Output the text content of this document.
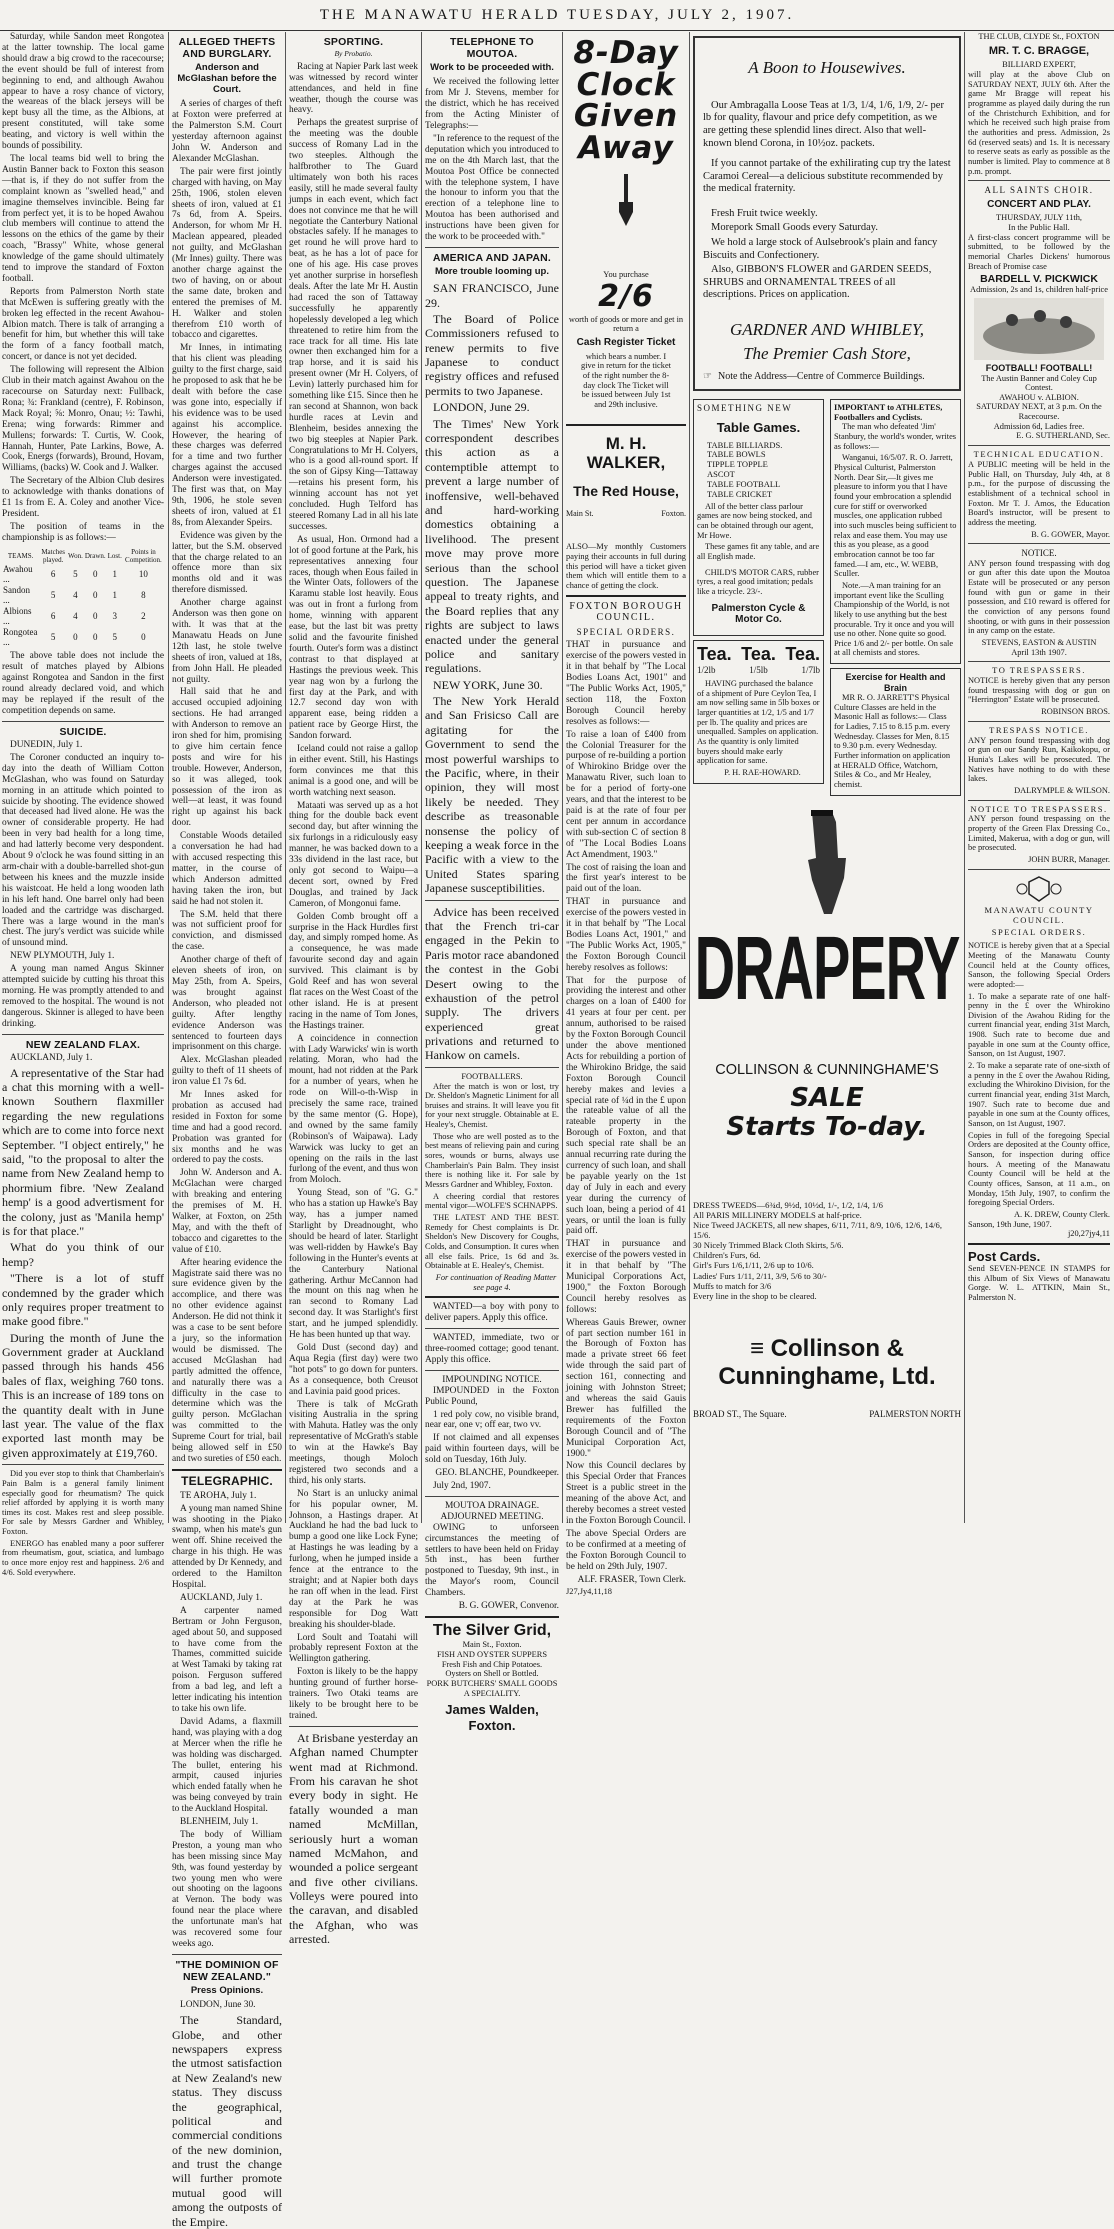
THE MANAWATU HERALD TUESDAY, JULY 2, 1907.

Saturday, while Sandon meet Rongotea at the latter township. The local game should draw a big crowd to the racecourse; the event should be full of interest from beginning to end, and although Awahou appear to have a rosy chance of victory, the weareas of the black jerseys will be kept busy all the time, as the Albions, at present constituted, will take some beating, and victory is well within the bounds of possibility.

The local teams bid well to bring the Austin Banner back to Foxton this season—that is, if they do not suffer from the complaint known as "swelled head," and imagine themselves invincible. Being far from perfect yet, it is to be hoped Awahou club members will continue to attend the lessons on the ethics of the game by their coach, "Brassy" White, whose general knowledge of the game should ultimately tend to improve the standard of Foxton football.

Reports from Palmerston North state that McEwen is suffering greatly with the broken leg effected in the recent Awahou-Albion match. There is talk of arranging a benefit for him, but whether this will take the form of a fancy football match, concert, or dance is not yet decided.

The following will represent the Albion Club in their match against Awahou on the racecourse on Saturday next: Fullback, Rona; ¾: Frankland (centre), F. Robinson, Mack Royal; ⅝: Monro, Onau; ½: Tawhi, Erena; wing forwards: Rimmer and Mullens; forwards: T. Curtis, W. Cook, Hannah, Hunter, Pate Larkins, Bowe, A. Cook, Energs (forwards), Bround, Hovam, Williams, (backs) W. Cook and J. Walker.

The Secretary of the Albion Club desires to acknowledge with thanks donations of £1 1s from E. A. Coley and another Vice-President.

The position of teams in the championship is as follows:—

TEAMS.	Matches played.	Won.	Drawn.	Lost.	Points in Competition.
Awahou ...	6	5	0	1	10
Sandon ...	5	4	0	1	8
Albions ...	6	4	0	3	2
Rongotea ...	5	0	0	5	0

The above table does not include the result of matches played by Albions against Rongotea and Sandon in the first round already declared void, and which may be replayed if the result of the competition depends on same.

SUICIDE.

DUNEDIN, July 1.

The Coroner conducted an inquiry to-day into the death of William Cotton McGlashan, who was found on Saturday morning in an attitude which pointed to suicide by shooting. The evidence showed that deceased had lived alone. He was the owner of considerable property. He had been in very bad health for a long time, and had latterly become very despondent. About 9 o'clock he was found sitting in an arm-chair with a double-barrelled shot-gun between his knees and the muzzle inside his waistcoat. He held a long wooden lath in his left hand. One barrel only had been loaded and the cartridge was discharged. There was a large wound in the man's chest. The jury's verdict was suicide while of unsound mind.

NEW PLYMOUTH, July 1.

A young man named Angus Skinner attempted suicide by cutting his throat this morning. He was promptly attended to and removed to the hospital. The wound is not dangerous. Skinner is alleged to have been drinking.

NEW ZEALAND FLAX.

AUCKLAND, July 1.

A representative of the Star had a chat this morning with a well-known Southern flaxmiller regarding the new regulations which are to come into force next September. "I object entirely," he said, "to the proposal to alter the name from New Zealand hemp to phormium fibre. 'New Zealand hemp' is a good advertisment for the colony, just as 'Manila hemp' is for that place."

What do you think of our hemp?

"There is a lot of stuff condemned by the grader which only requires proper treatment to make good fibre."

During the month of June the Government grader at Auckland passed through his hands 456 bales of flax, weighing 760 tons. This is an increase of 189 tons on the quantity dealt with in June last year. The value of the flax exported last month may be given approximately at £19,760.

Did you ever stop to think that Chamberlain's Pain Balm is a general family liniment especially good for rheumatism? The quick relief afforded by applying it is worth many times its cost. Makes rest and sleep possible. For sale by Messrs Gardner and Whibley, Foxton.

ENERGO has enabled many a poor sufferer from rheumatism, gout, sciatica, and lumbago to once more enjoy rest and happiness. 2/6 and 4/6. Sold everywhere.

ALLEGED THEFTS AND BURGLARY.
Anderson and McGlashan before the Court.

A series of charges of theft at Foxton were preferred at the Palmerston S.M. Court yesterday afternoon against John W. Anderson and Alexander McGlashan.

The pair were first jointly charged with having, on May 25th, 1906, stolen eleven sheets of iron, valued at £1 7s 6d, from A. Speirs. Anderson, for whom Mr H. Maclean appeared, pleaded not guilty, and McGlashan (Mr Innes) guilty. There was another charge against the two of having, on or about the same date, broken and entered the premises of M. H. Walker and stolen therefrom £10 worth of tobacco and cigarettes.

Mr Innes, in intimating that his client was pleading guilty to the first charge, said he proposed to ask that he be dealt with before the case was gone into, especially if his evidence was to be used against his accomplice. However, the hearing of these charges was deferred for a time and two further charges against the accused Anderson were investigated. The first was that, on May 9th, 1906, he stole seven sheets of iron, valued at £1 8s, from Alexander Speirs.

Evidence was given by the latter, but the S.M. observed that the charge related to an offence more than six months old and it was therefore dismissed.

Another charge against Anderson was then gone on with. It was that at the Manawatu Heads on June 12th last, he stole twelve sheets of iron, valued at 18s, from John Hall. He pleaded not guilty.

Hall said that he and accused occupied adjoining sections. He had arranged with Anderson to remove an iron shed for him, promising to give him certain fence posts and wire for his trouble. However, Anderson, so it was alleged, took possession of the iron as well—at least, it was found right up against his back door.

Constable Woods detailed a conversation he had had with accused respecting this matter, in the course of which Anderson admitted having taken the iron, but said he had not stolen it.

The S.M. held that there was not sufficient proof for conviction, and dismissed the case.

Another charge of theft of eleven sheets of iron, on May 25th, from A. Speirs, was brought against Anderson, who pleaded not guilty. After lengthy evidence Anderson was sentenced to fourteen days imprisonment on this charge.

Alex. McGlashan pleaded guilty to theft of 11 sheets of iron value £1 7s 6d.

Mr Innes asked for probation as accused had resided in Foxton for some time and had a good record. Probation was granted for six months and he was ordered to pay the costs.

John W. Anderson and A. McGlachan were charged with breaking and entering the premises of M. H. Walker, at Foxton, on 25th May, and with the theft of tobacco and cigarettes to the value of £10.

After hearing evidence the Magistrate said there was no sure evidence given by the accomplice, and there was no other evidence against Anderson. He did not think it was a case to be sent before a jury, so the information would be dismissed. The accused McGlashan had partly admitted the offence, and naturally there was a difficulty in the case to determine which was the guilty person. McGlachan was committed to the Supreme Court for trial, bail being allowed self in £50 and two sureties of £50 each.

TELEGRAPHIC.

TE AROHA, July 1.

A young man named Shine was shooting in the Piako swamp, when his mate's gun went off. Shine received the charge in his thigh. He was attended by Dr Kennedy, and ordered to the Hamilton Hospital.

AUCKLAND, July 1.

A carpenter named Bertram or John Ferguson, aged about 50, and supposed to have come from the Thames, committed suicide at West Tamaki by taking rat poison. Ferguson suffered from a bad leg, and left a letter indicating his intention to take his own life.

David Adams, a flaxmill hand, was playing with a dog at Mercer when the rifle he was holding was discharged. The bullet, entering his armpit, caused injuries which ended fatally when he was being conveyed by train to the Auckland Hospital.

BLENHEIM, July 1.

The body of William Preston, a young man who has been missing since May 9th, was found yesterday by two young men who were out shooting on the lagoons at Vernon. The body was found near the place where the unfortunate man's hat was recovered some four weeks ago.

"THE DOMINION OF NEW ZEALAND."
Press Opinions.

LONDON, June 30.

The Standard, Globe, and other newspapers express the utmost satisfaction at New Zealand's new status. They discuss the geographical, political and commercial conditions of the new dominion, and trust the change will further promote mutual good will among the outposts of the Empire.

SPORTING.
By Probatio.

Racing at Napier Park last week was witnessed by record winter attendances, and held in fine weather, though the course was heavy.

Perhaps the greatest surprise of the meeting was the double success of Romany Lad in the two steeples. Although the halfbrother to The Guard ultimately won both his races easily, still he made several faulty jumps in each event, which fact does not convince me that he will negotiate the Canterbury National obstacles safely. If he manages to get round he will prove hard to beat, as he has a lot of pace for one of his age. His case proves yet another surprise in horseflesh deals. After the late Mr H. Austin had raced the son of Tattaway successfully he apparently hopelessly developed a leg which threatened to retire him from the race track for all time. His late owner then exchanged him for a trap horse, and it is said his present owner (Mr H. Colyers, of Levin) latterly purchased him for something like £15. Since then he ran second at Shannon, won back hurdle races at Levin and Blenheim, besides annexing the two big steeples at Napier Park. Congratulations to Mr H. Colyers, who is a good all-round sport. If the son of Gipsy King—Tattaway—retains his present form, his winning account has not yet concluded. Hugh Telford has steered Romany Lad in all his late successes.

As usual, Hon. Ormond had a lot of good fortune at the Park, his representatives annexing four races, though when Eous failed in the Winter Oats, followers of the Karamu stable lost heavily. Eous was out in front a furlong from home, winning with apparent ease, but the last bit was pretty solid and the favourite finished fourth. Outer's form was a distinct contrast to that displayed at Hastings the previous week. This year nag won by a furlong the first day at the Park, and with 12.7 second day won with apparent ease, being ridden a patient race by George Hirst, the Sandon forward.

Iceland could not raise a gallop in either event. Still, his Hastings form convinces me that this animal is a good one, and will be worth watching next season.

Mataati was served up as a hot thing for the double back event second day, but after winning the six furlongs in a ridiculously easy manner, he was backed down to a 33s dividend in the last race, but only got second to Waipu—a decent sort, owned by Fred Douglas, and trained by Jack Cameron, of Mongonui fame.

Golden Comb brought off a surprise in the Hack Hurdles first day, and simply romped home. As a consequence, he was made favourite second day and again survived. This claimant is by Gold Reef and has won several flat races on the West Coast of the other island. He is at present racing in the name of Tom Jones, the Hastings trainer.

A coincidence in connection with Lady Warwicks' win is worth relating. Moran, who had the mount, had not ridden at the Park for a number of years, when he rode on Will-o-th-Wisp in precisely the same race, trained by the same mentor (G. Hope), and owned by the same family (Robinson's of Waipawa). Lady Warwick was lucky to get an opening on the rails in the last furlong of the event, and thus won from Moloch.

Young Stead, son of "G. G." who has a station up Hawke's Bay way, has a jumper named Starlight by Dreadnought, who should be heard of later. Starlight was well-ridden by Hawke's Bay following in the Hunter's events at the Canterbury National gathering. Arthur McCannon had the mount on this nag when he ran second to Romany Lad second day. It was Starlight's first start, and he jumped splendidly. He has been hunted up that way.

Gold Dust (second day) and Aqua Regia (first day) were two "hot pots" to go down for punters. As a consequence, both Creusot and Lavinia paid good prices.

There is talk of McGrath visiting Australia in the spring with Mahuta. Hatley was the only representative of McGrath's stable to win at the Hawke's Bay meetings, though Moloch registered two seconds and a third, his only starts.

No Start is an unlucky animal for his popular owner, M. Johnson, a Hastings draper. At Auckland he had the bad luck to bump a good one like Lock Fyne; at Hastings he was leading by a furlong, when he jumped inside a fence at the entrance to the straight; and at Napier both days he ran off when in the lead. First day at the Park he was responsible for Dog Watt breaking his shoulder-blade.

Lord Soult and Toatahi will probably represent Foxton at the Wellington gathering.

Foxton is likely to be the happy hunting ground of further horse-trainers. Two Otaki teams are likely to be brought here to be trained.

At Brisbane yesterday an Afghan named Chumpter went mad at Richmond. From his caravan he shot every body in sight. He fatally wounded a man named McMillan, seriously hurt a woman named McMahon, and wounded a police sergeant and five other civilians. Volleys were poured into the caravan, and disabled the Afghan, who was arrested.

TELEPHONE TO MOUTOA.
Work to be proceeded with.

We received the following letter from Mr J. Stevens, member for the district, which he has received from the Acting Minister of Telegraphs:—

"In reference to the request of the deputation which you introduced to me on the 4th March last, that the Moutoa Post Office be connected with the telephone system, I have the honour to inform you that the erection of a telephone line to Moutoa has been authorised and instructions have been given for the work to be proceeded with."

AMERICA AND JAPAN.
More trouble looming up.

SAN FRANCISCO, June 29.

The Board of Police Commissioners refused to renew permits to five Japanese to conduct registry offices and refused permits to two Japanese.

LONDON, June 29.

The Times' New York correspondent describes this action as a contemptible attempt to prevent a large number of inoffensive, well-behaved and hard-working domestics obtaining a livelihood. The present move may prove more serious than the school question. The Japanese appeal to treaty rights, and the Board replies that any rights are subject to laws enacted under the general police and sanitary regulations.

NEW YORK, June 30.

The New York Herald and San Frisicso Call are agitating for the Government to send the most powerful warships to the Pacific, where, in their opinion, they will most likely be needed. They describe as treasonable nonsense the policy of keeping a weak force in the Pacific with a view to the United States sparing Japanese susceptibilities.

Advice has been received that the French tri-car engaged in the Pekin to Paris motor race abandoned the contest in the Gobi Desert owing to the exhaustion of the petrol supply. The drivers experienced great privations and returned to Hankow on camels.

FOOTBALLERS.

After the match is won or lost, try Dr. Sheldon's Magnetic Liniment for all bruises and strains. It will leave you fit for your next struggle. Obtainable at E. Healey's, Chemist.

Those who are well posted as to the best means of relieving pain and curing sores, wounds or burns, always use Chamberlain's Pain Balm. They insist there is nothing like it. For sale by Messrs Gardner and Whibley, Foxton.

A cheering cordial that restores mental vigor—WOLFE'S SCHNAPPS.

THE LATEST AND THE BEST. Remedy for Chest complaints is Dr. Sheldon's New Discovery for Coughs, Colds, and Consumption. It cures when all else fails. Price, 1s 6d and 3s. Obtainable at E. Healey's, Chemist.

For continuation of Reading Matter see page 4.

WANTED—a boy with pony to deliver papers. Apply this office.

WANTED, immediate, two or three-roomed cottage; good tenant. Apply this office.

IMPOUNDING NOTICE.

IMPOUNDED in the Foxton Public Pound,

1 red poly cow, no visible brand, near ear, one v; off ear, two vv.

If not claimed and all expenses paid within fourteen days, will be sold on Tuesday, 16th July.

GEO. BLANCHE, Poundkeeper.

July 2nd, 1907.

MOUTOA DRAINAGE.
ADJOURNED MEETING.

OWING to unforseen circumstances the meeting of settlers to have been held on Friday 5th inst., has been further postponed to Tuesday, 9th inst., in the Mayor's room, Council Chambers.

B. G. GOWER, Convenor.

The Silver Grid,
Main St., Foxton.
FISH AND OYSTER SUPPERS
Fresh Fish and Chip Potatoes.
Oysters on Shell or Bottled.
PORK BUTCHERS' SMALL GOODS A SPECIALITY.
James Walden, Foxton.
8-Day
Clock
Given
Away
You purchase
2/6
worth of goods or more and get in return a
Cash Register Ticket
which bears a number. I give in return for the ticket of the right number the 8-day clock The Ticket will be issued between July 1st and 29th inclusive.
M. H. WALKER,
The Red House,
Main St.	Foxton.

ALSO—My monthly Customers paying their accounts in full during this period will have a ticket given them which will entitle them to a chance of getting the clock.

FOXTON BOROUGH COUNCIL.
SPECIAL ORDERS.

THAT in pursuance and exercise of the powers vested in it in that behalf by "The Local Bodies Loans Act, 1901" and "The Public Works Act, 1905," section 118, the Foxton Borough Council hereby resolves as follows:—

To raise a loan of £400 from the Colonial Treasurer for the purpose of re-building a portion of Whirokino Bridge over the Manawatu River, such loan to be for a period of forty-one years, and that the interest to be paid is at the rate of four per cent per annum in accordance with sub-section C of section 8 of "The Local Bodies Loans Act Amendment, 1903."

The cost of raising the loan and the first year's interest to be paid out of the loan.

THAT in pursuance and exercise of the powers vested in it in that behalf by "The Local Bodies Loans Act, 1901," and "The Public Works Act, 1905," the Foxton Borough Council hereby resolves as follows:

That for the purpose of providing the interest and other charges on a loan of £400 for 41 years at four per cent. per annum, authorised to be raised by the Foxton Borough Council under the above mentioned Acts for rebuilding a portion of the Whirokino Bridge, the said Foxton Borough Council hereby makes and levies a special rate of ¼d in the £ upon the rateable value of all the rateable property in the Borough of Foxton, and that such special rate shall be an annual recurring rate during the currency of such loan, and shall be payable yearly on the 1st day of July in each and every year during the currency of such loan, being a period of 41 years, or until the loan is fully paid off.

THAT in pursuance and exercise of the powers vested in it in that behalf by "The Municipal Corporations Act, 1900," the Foxton Borough Council hereby resolves as follows:

Whereas Gauis Brewer, owner of part section number 161 in the Borough of Foxton has made a private street 66 feet wide through the said part of section 161, connecting and joining with Johnston Street; and whereas the said Gauis Brewer has fulfilled the requirements of the Foxton Borough Council and of "The Municipal Corporation Act, 1900."

Now this Council declares by this Special Order that Frances Street is a public street in the meaning of the above Act, and thereby becomes a street vested in the Foxton Borough Council.

The above Special Orders are to be confirmed at a meeting of the Foxton Borough Council to be held on 29th July, 1907.

ALF. FRASER, Town Clerk.

J27,Jy4,11,18

A Boon to Housewives.

Our Ambragalla Loose Teas at 1/3, 1/4, 1/6, 1/9, 2/- per lb for quality, flavour and price defy competition, as we are getting these splendid lines direct. Also that well-known blend Corona, in 10½oz. packets.

If you cannot partake of the exhilirating cup try the latest Caramoi Cereal—a delicious substitute recommended by the medical fraternity.

Fresh Fruit twice weekly.

Morepork Small Goods every Saturday.

We hold a large stock of Aulsebrook's plain and fancy Biscuits and Confectionery.

Also, GIBBON'S FLOWER and GARDEN SEEDS, SHRUBS and ORNAMENTAL TREES of all descriptions. Prices on application.

GARDNER AND WHIBLEY,
The Premier Cash Store,
☞ Note the Address—Centre of Commerce Buildings.
SOMETHING NEW
Table Games.
TABLE BILLIARDS.
TABLE BOWLS
TIPPLE TOPPLE
ASCOT
TABLE FOOTBALL
TABLE CRICKET

All of the better class parlour games are now being stocked, and can be obtained through our agent, Mr Howe.

These games fit any table, and are all English made.

CHILD'S MOTOR CARS, rubber tyres, a real good imitation; pedals like a tricycle. 23/-.

Palmerston Cycle & Motor Co.
Tea. Tea. Tea.
1/2lb	1/5lb	1/7lb

HAVING purchased the balance of a shipment of Pure Ceylon Tea, I am now selling same in 5lb boxes or larger quantities at 1/2, 1/5 and 1/7 per lb. The quality and prices are unequalled. Samples on application. As the quantity is only limited buyers should make early application for same.

P. H. RAE-HOWARD.

IMPORTANT to ATHLETES, Footballers and Cyclists.

The man who defeated 'Jim' Stanbury, the world's wonder, writes as follows:—

Wanganui, 16/5/07. R. O. Jarrett, Physical Culturist, Palmerston North. Dear Sir,—It gives me pleasure to inform you that I have found your embrocation a splendid cure for stiff or overworked muscles, one application rubbed into such muscles being sufficient to relax and ease them. You may use this as you please, as a good embrocation cannot be too far famed.—I am, etc., W. WEBB, Sculler.

Note.—A man training for an important event like the Sculling Championship of the World, is not likely to use anything but the best procurable. Try it once and you will use no other. None quite so good. Price 1/6 and 2/- per bottle. On sale at all chemists and stores.

Exercise for Health and Brain

MR R. O. JARRETT'S Physical Culture Classes are held in the Masonic Hall as follows:— Class for Ladies, 7.15 to 8.15 p.m. every Wednesday. Classes for Men, 8.15 to 9.30 p.m. every Wednesday. Further information on application at HERALD Office, Watchorn, Stiles & Co., and Mr Healey, chemist.

DRAPERY
COLLINSON & CUNNINGHAME'S
SALE
Starts To-day.
DRESS TWEEDS—6¾d, 9½d, 10½d, 1/-, 1/2, 1/4, 1/6
All PARIS MILLINERY MODELS at half-price.
Nice Tweed JACKETS, all new shapes, 6/11, 7/11, 8/9, 10/6, 12/6, 14/6, 15/6.
30 Nicely Trimmed Black Cloth Skirts, 5/6.
Children's Furs, 6d.
Girl's Furs 1/6,1/11, 2/6 up to 10/6.
Ladies' Furs 1/11, 2/11, 3/9, 5/6 to 30/-
Muffs to match for 3/6
Every line in the shop to be cleared.
≡ Collinson &
Cunninghame, Ltd.
BROAD ST., The Square.	PALMERSTON NORTH
THE CLUB, CLYDE St., FOXTON
MR. T. C. BRAGGE,
BILLIARD EXPERT,

will play at the above Club on SATURDAY NEXT, JULY 6th. After the game Mr Bragge will repeat his programme as played daily during the run of the Christchurch Exhibition, and for which he received such high praise from the authorities and press. Admission, 2s 6d (reserved seats) and 1s. It is necessary to reserve seats as early as possible as the number is limited. Play to commence at 8 p.m. prompt.

ALL SAINTS CHOIR.
CONCERT AND PLAY.
THURSDAY, JULY 11th,
In the Public Hall.

A first-class concert programme will be submitted, to be followed by the memorial Charles Dickens' humorous Breach of Promise case

BARDELL V. PICKWICK

Admission, 2s and 1s, children half-price

FOOTBALL! FOOTBALL!
The Austin Banner and Coley Cup Contest.
AWAHOU v. ALBION.
SATURDAY NEXT, at 3 p.m. On the Racecourse.
Admission 6d, Ladies free.
E. G. SUTHERLAND, Sec.
TECHNICAL EDUCATION.

A PUBLIC meeting will be held in the Public Hall, on Thursday, July 4th, at 8 p.m., for the purpose of discussing the establishment of a technical school in Foxton. Mr T. J. Amos, the Education Board's instructor, will be present to address the meeting.

B. G. GOWER, Mayor.
NOTICE.

ANY person found trespassing with dog or gun after this date upon the Moutoa Estate will be prosecuted or any person found with gun or game in their possession, and £10 reward is offered for the conviction of any persons found shooting, or with guns in their possession in any camp on the estate.

STEVENS, EASTON & AUSTIN
April 13th 1907.
TO TRESPASSERS.

NOTICE is hereby given that any person found trespassing with dog or gun on "Herrington" Estate will be prosecuted.

ROBINSON BROS.
TRESPASS NOTICE.

ANY person found trespassing with dog or gun on our Sandy Run, Kaikokopu, or Hunia's Lakes will be prosecuted. The Natives have nothing to do with these lakes.

DALRYMPLE & WILSON.
NOTICE TO TRESPASSERS.

ANY person found trespassing on the property of the Green Flax Dressing Co., Limited, Makerua, with a dog or gun, will be prosecuted.

JOHN BURR, Manager.
MANAWATU COUNTY COUNCIL.
SPECIAL ORDERS.

NOTICE is hereby given that at a Special Meeting of the Manawatu County Council held at the County offices, Sanson, the following Special Orders were adopted:—

1. To make a separate rate of one half-penny in the £ over the Whirokino Division of the Awahou Riding for the current financial year, ending 31st March, 1908. Such rate to become due and payable in one sum at the County office, Sanson, on 1st August, 1907.

2. To make a separate rate of one-sixth of a penny in the £ over the Awahou Riding, excluding the Whirokino Division, for the current financial year, ending 31st March, 1907. Such rate to become due and payable in one sum at the County offices, Sanson, on 1st August, 1907.

Copies in full of the foregoing Special Orders are deposited at the County office, Sanson, for inspection during office hours. A meeting of the Manawatu County Council will be held at the County offices, Sanson, at 11 a.m., on Monday, 15th July, 1907, to confirm the foregoing Special Orders.

A. K. DREW, County Clerk.
Sanson, 19th June, 1907.
j20,27jy4,11
Post Cards.

Send SEVEN-PENCE IN STAMPS for this Album of Six Views of Manawatu Gorge. W. L. ATTKIN, Main St., Palmerston N.
